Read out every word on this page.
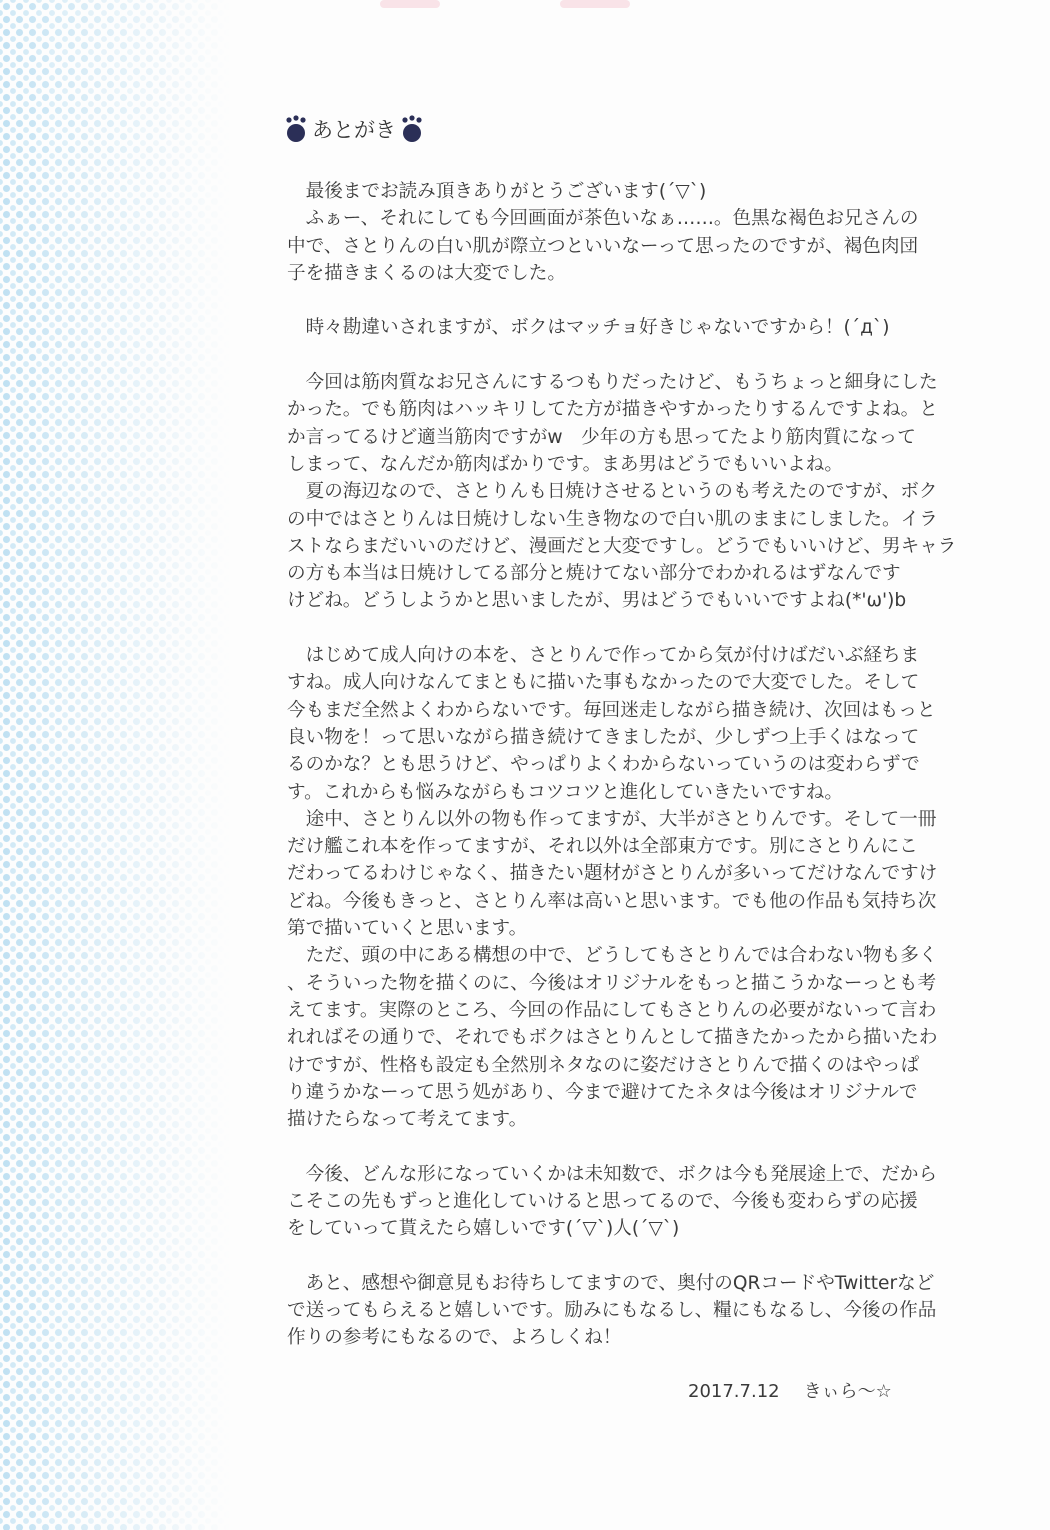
あとがき
　最後までお読み頂きありがとうございます(´▽`)
　ふぁー、それにしても今回画面が茶色いなぁ……。色黒な褐色お兄さんの
中で、さとりんの白い肌が際立つといいなーって思ったのですが、褐色肉団
子を描きまくるのは大変でした。
　時々勘違いされますが、ボクはマッチョ好きじゃないですから！(´д`)
　今回は筋肉質なお兄さんにするつもりだったけど、もうちょっと細身にした
かった。でも筋肉はハッキリしてた方が描きやすかったりするんですよね。と
か言ってるけど適当筋肉ですがw　少年の方も思ってたより筋肉質になって
しまって、なんだか筋肉ばかりです。まあ男はどうでもいいよね。
　夏の海辺なので、さとりんも日焼けさせるというのも考えたのですが、ボク
の中ではさとりんは日焼けしない生き物なので白い肌のままにしました。イラ
ストならまだいいのだけど、漫画だと大変ですし。どうでもいいけど、男キャラ
の方も本当は日焼けしてる部分と焼けてない部分でわかれるはずなんです
けどね。どうしようかと思いましたが、男はどうでもいいですよね(*'ω')b
　はじめて成人向けの本を、さとりんで作ってから気が付けばだいぶ経ちま
すね。成人向けなんてまともに描いた事もなかったので大変でした。そして
今もまだ全然よくわからないです。毎回迷走しながら描き続け、次回はもっと
良い物を！って思いながら描き続けてきましたが、少しずつ上手くはなって
るのかな？とも思うけど、やっぱりよくわからないっていうのは変わらずで
す。これからも悩みながらもコツコツと進化していきたいですね。
　途中、さとりん以外の物も作ってますが、大半がさとりんです。そして一冊
だけ艦これ本を作ってますが、それ以外は全部東方です。別にさとりんにこ
だわってるわけじゃなく、描きたい題材がさとりんが多いってだけなんですけ
どね。今後もきっと、さとりん率は高いと思います。でも他の作品も気持ち次
第で描いていくと思います。
　ただ、頭の中にある構想の中で、どうしてもさとりんでは合わない物も多く
、そういった物を描くのに、今後はオリジナルをもっと描こうかなーっとも考
えてます。実際のところ、今回の作品にしてもさとりんの必要がないって言わ
れればその通りで、それでもボクはさとりんとして描きたかったから描いたわ
けですが、性格も設定も全然別ネタなのに姿だけさとりんで描くのはやっぱ
り違うかなーって思う処があり、今まで避けてたネタは今後はオリジナルで
描けたらなって考えてます。
　今後、どんな形になっていくかは未知数で、ボクは今も発展途上で、だから
こそこの先もずっと進化していけると思ってるので、今後も変わらずの応援
をしていって貰えたら嬉しいです(´▽`)人(´▽`)
　あと、感想や御意見もお待ちしてますので、奥付のQRコードやTwitterなど
で送ってもらえると嬉しいです。励みにもなるし、糧にもなるし、今後の作品
作りの参考にもなるので、よろしくね！
2017.7.12 きぃら～☆
